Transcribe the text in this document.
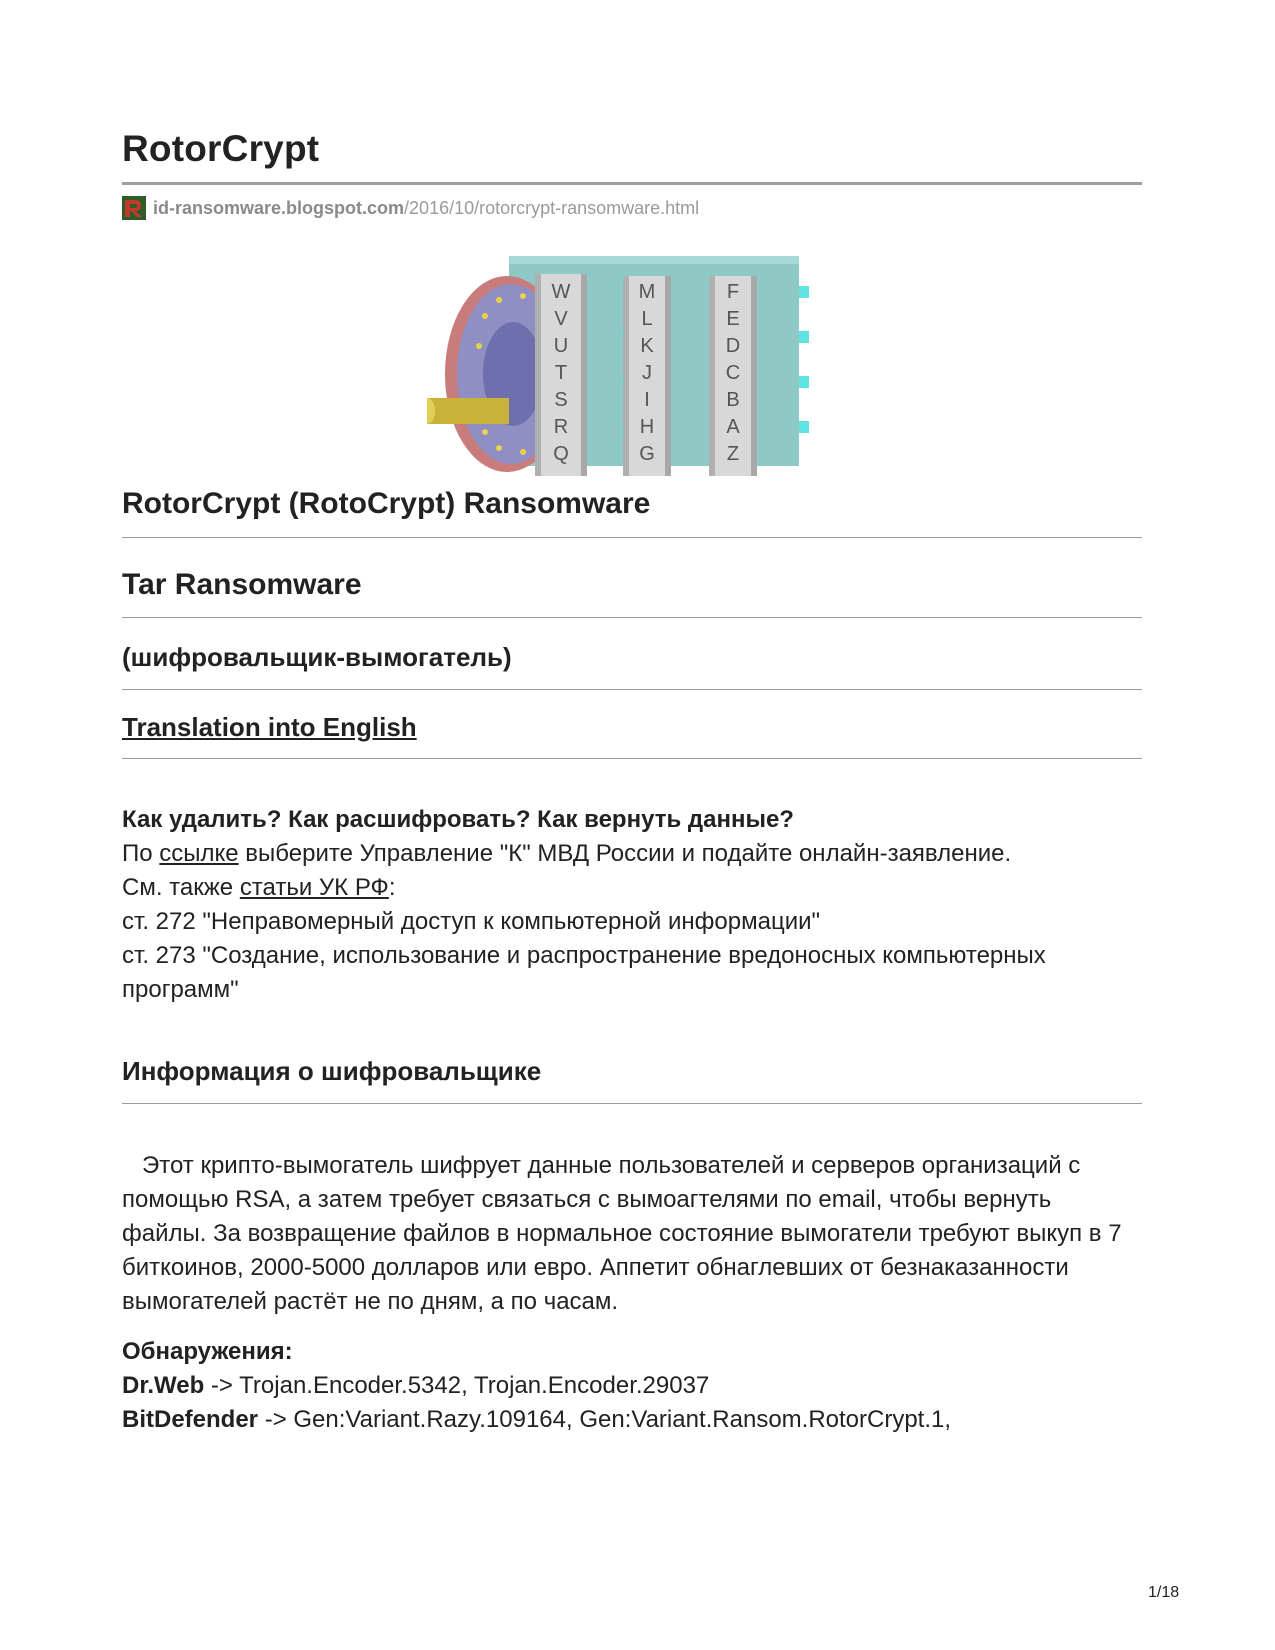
RotorCrypt
id-ransomware.blogspot.com /2016/10/rotorcrypt-ransomware.html
W
V
U
T
S
R
Q
M
L
K
J
I
H
G
F
E
D
C
B
A
Z
RotorCrypt (RotoCrypt) Ransomware
Tar Ransomware
(шифровальщик-вымогатель)
Translation into English

Как удалить? Как расшифровать? Как вернуть данные?

По ссылке выберите Управление "К" МВД России и подайте онлайн-заявление.

См. также статьи УК РФ:

ст. 272 "Неправомерный доступ к компьютерной информации"

ст. 273 "Создание, использование и распространение вредоносных компьютерных программ"

Информация о шифровальщике
Этот крипто-вымогатель шифрует данные пользователей и серверов организаций с помощью RSA, а затем требует связаться с вымоагтелями по email, чтобы вернуть файлы. За возвращение файлов в нормальное состояние вымогатели требуют выкуп в 7 биткоинов, 2000-5000 долларов или евро. Аппетит обнаглевших от безнаказанности вымогателей растёт не по дням, а по часам.

Обнаружения:

Dr.Web -> Trojan.Encoder.5342, Trojan.Encoder.29037

BitDefender -> Gen:Variant.Razy.109164, Gen:Variant.Ransom.RotorCrypt.1,

1/18
